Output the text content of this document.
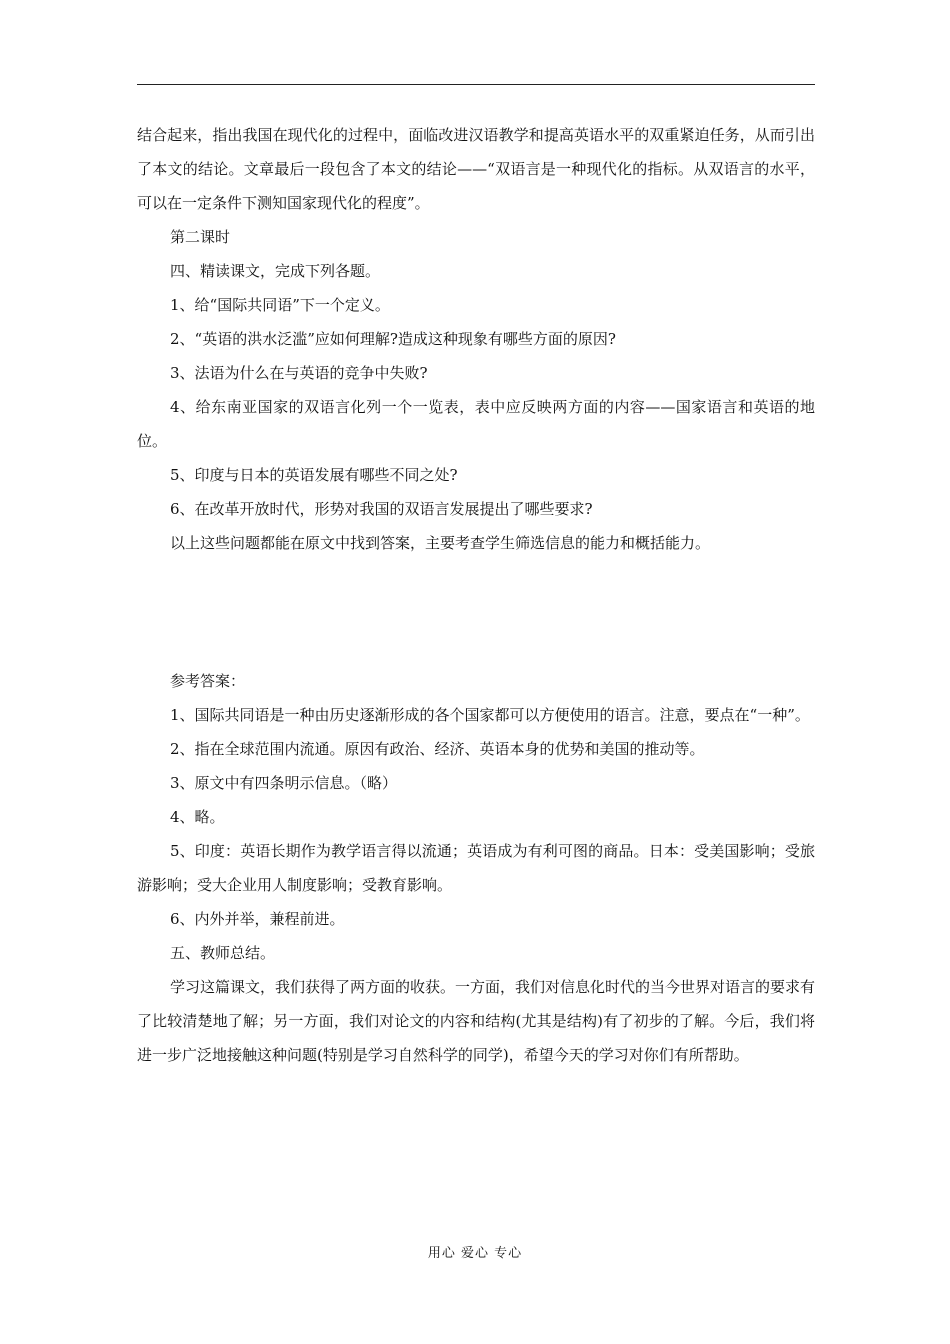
结合起来，指出我国在现代化的过程中，面临改进汉语教学和提高英语水平的双重紧迫任务，从而引出了本文的结论。文章最后一段包含了本文的结论——“双语言是一种现代化的指标。从双语言的水平，可以在一定条件下测知国家现代化的程度”。

第二课时

四、精读课文，完成下列各题。

1、给“国际共同语”下一个定义。

2、“英语的洪水泛滥”应如何理解?造成这种现象有哪些方面的原因?

3、法语为什么在与英语的竞争中失败?

4、给东南亚国家的双语言化列一个一览表，表中应反映两方面的内容——国家语言和英语的地位。

5、印度与日本的英语发展有哪些不同之处?

6、在改革开放时代，形势对我国的双语言发展提出了哪些要求?

以上这些问题都能在原文中找到答案，主要考查学生筛选信息的能力和概括能力。

参考答案：

1、国际共同语是一种由历史逐渐形成的各个国家都可以方便使用的语言。注意，要点在“一种”。

2、指在全球范围内流通。原因有政治、经济、英语本身的优势和美国的推动等。

3、原文中有四条明示信息。（略）

4、略。

5、印度：英语长期作为教学语言得以流通；英语成为有利可图的商品。日本：受美国影响；受旅游影响；受大企业用人制度影响；受教育影响。

6、内外并举，兼程前进。

五、教师总结。

学习这篇课文，我们获得了两方面的收获。一方面，我们对信息化时代的当今世界对语言的要求有了比较清楚地了解；另一方面，我们对论文的内容和结构(尤其是结构)有了初步的了解。今后，我们将进一步广泛地接触这种问题(特别是学习自然科学的同学)，希望今天的学习对你们有所帮助。

用心 爱心 专心
